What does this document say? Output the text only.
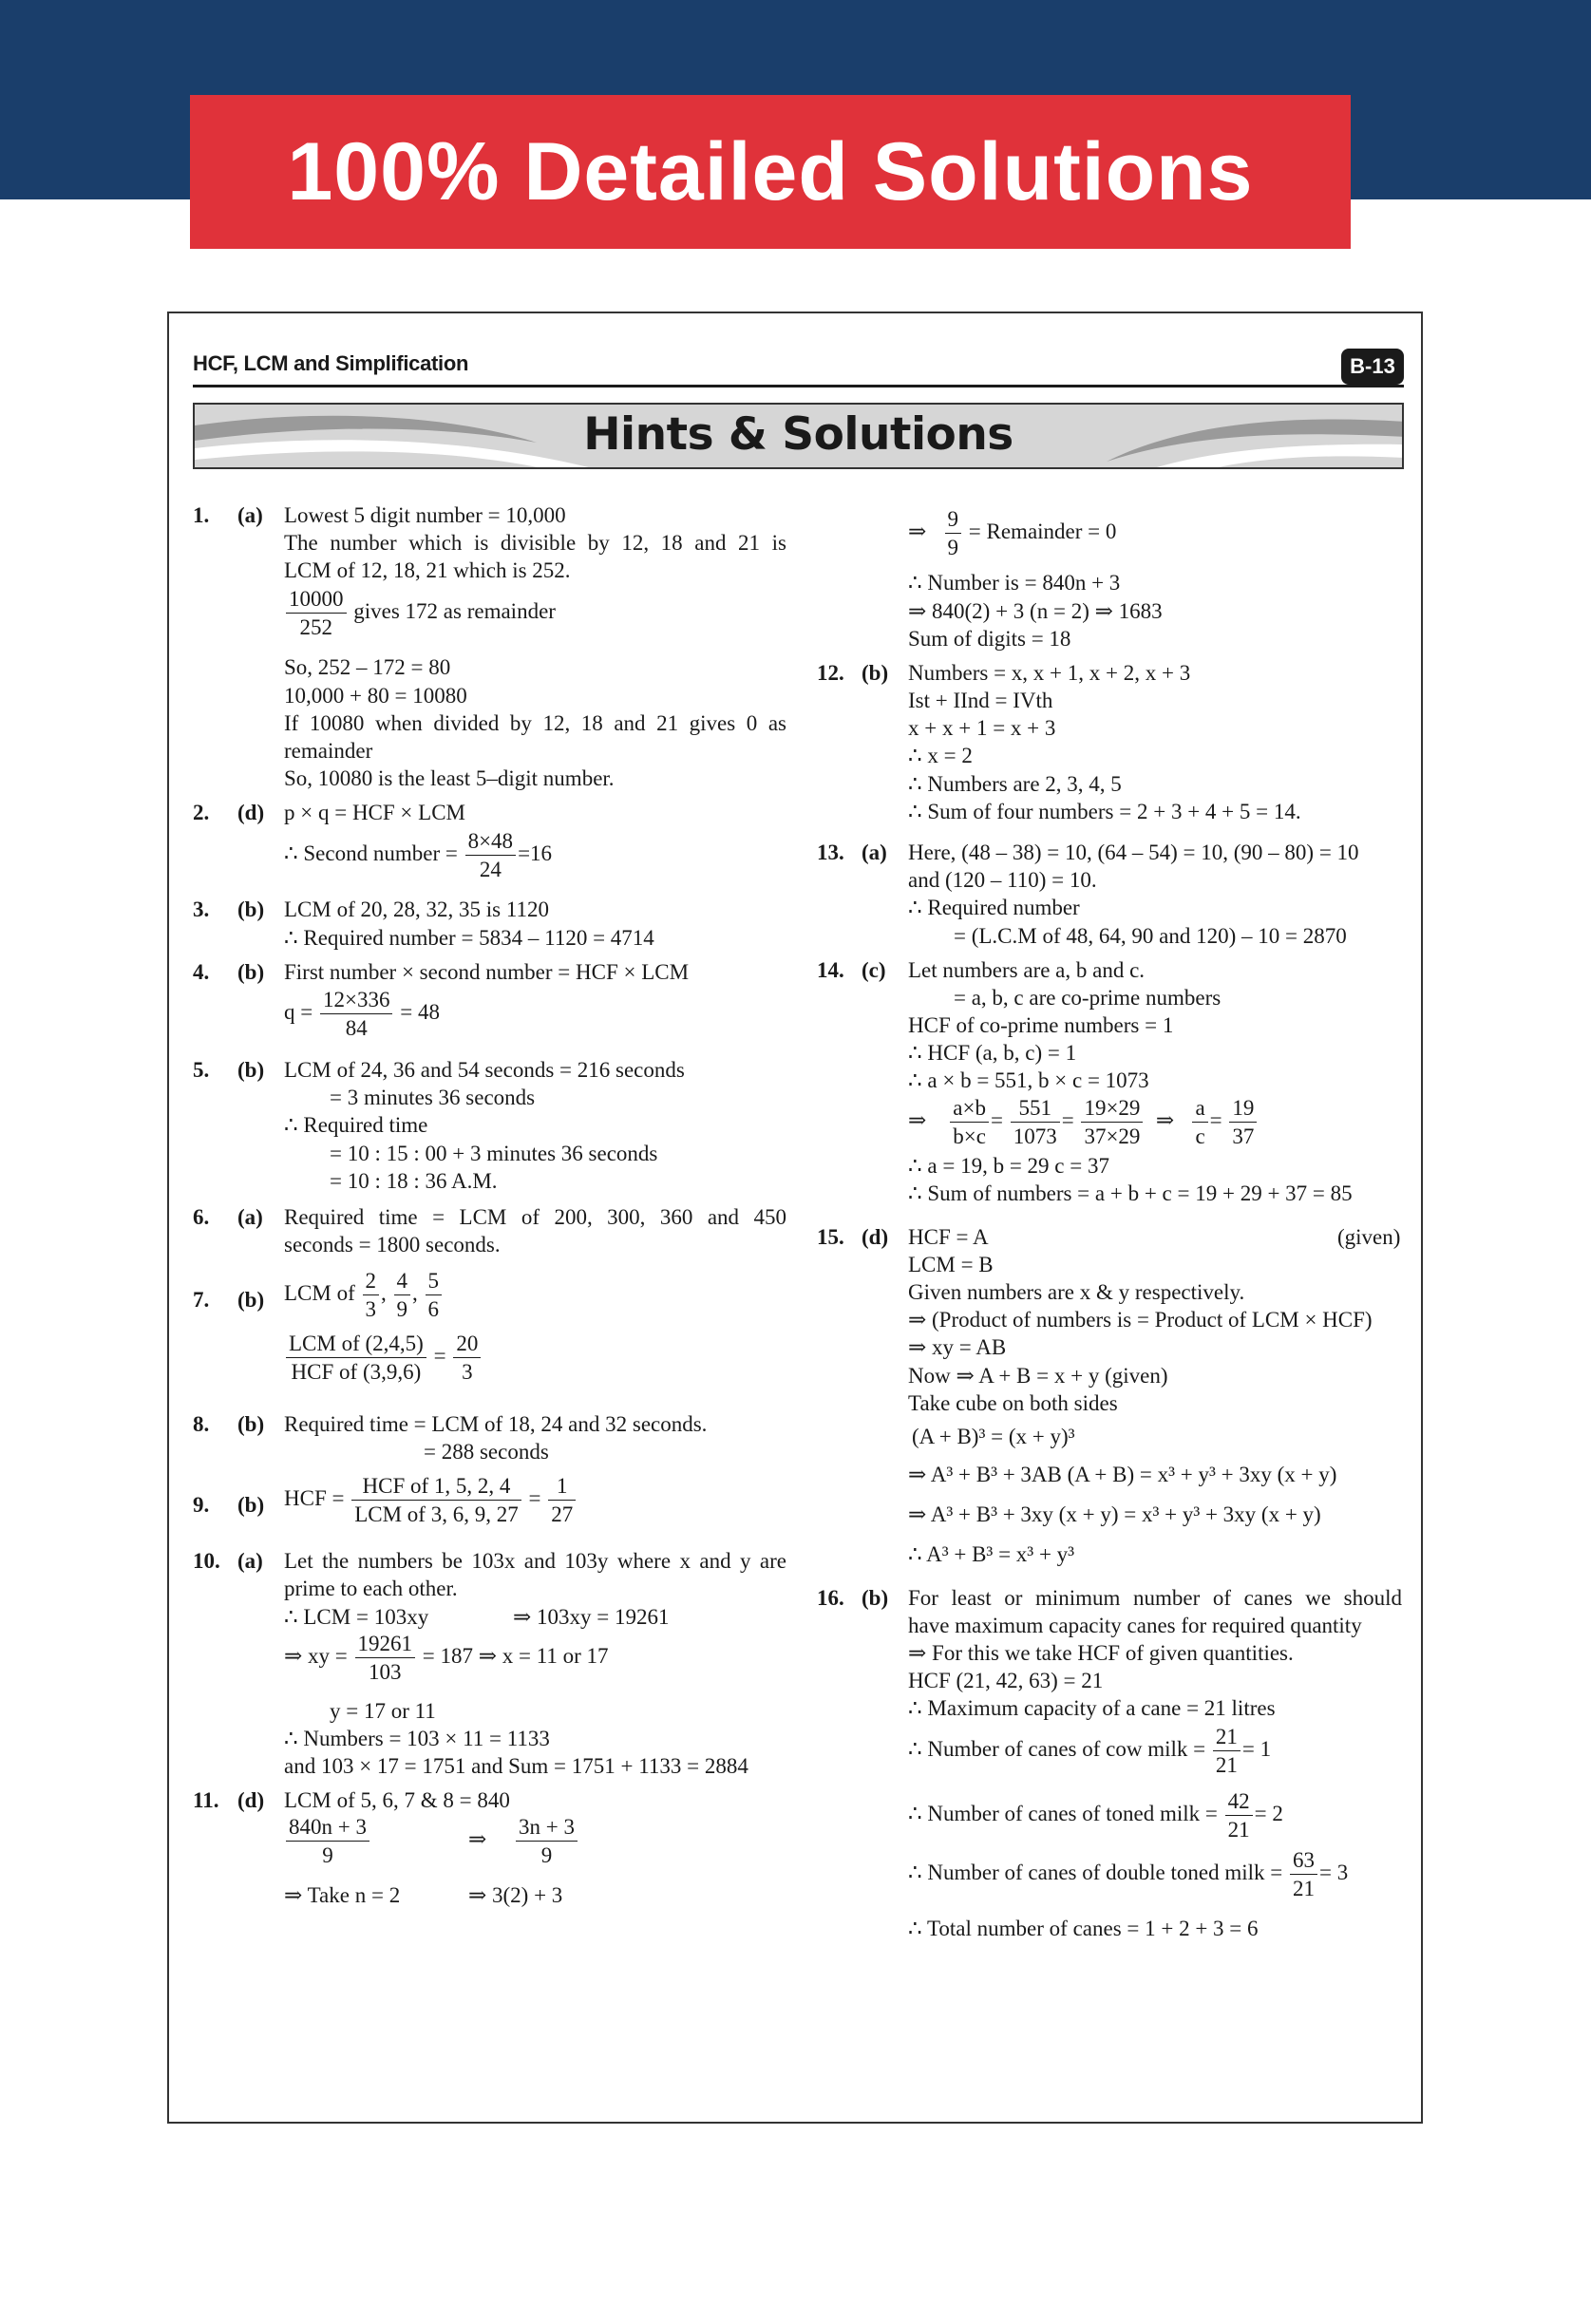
100% Detailed Solutions
HCF, LCM and Simplification	B-13
Hints & Solutions
1.	(a) Lowest 5 digit number = 10,000
The number which is divisible by 12, 18 and 21 is
LCM of 12, 18, 21 which is 252.
$\frac{10000}{252}$ gives 172 as remainder
So, 252 – 172 = 80
10,000 + 80 = 10080
If 10080 when divided by 12, 18 and 21 gives 0 as
remainder
So, 10080 is the least 5–digit number.
2.	(d) p × q = HCF × LCM
∴ Second number = $\frac{8\times 48}{24} =16$
3.	(b) LCM of 20, 28, 32, 35 is 1120
∴ Required number = 5834 – 1120 = 4714
4.	(b) First number × second number = HCF × LCM
$q = \frac{12\times 336}{84} = 48$
5.	(b) LCM of 24, 36 and 54 seconds = 216 seconds
= 3 minutes 36 seconds
∴ Required time
= 10 : 15 : 00 + 3 minutes 36 seconds
= 10 : 18 : 36 A.M.
6.	(a) Required time = LCM of 200, 300, 360 and 450
seconds = 1800 seconds.
7.	(b) LCM of $\frac{2}{3}$ , $\frac{4}{9}$ , $\frac{5}{6}$
$\frac{\text{LCM of (2,4,5)}}{\text{HCF of (3,9,6)}} = \frac{20}{3}$
8.	(b) Required time = LCM of 18, 24 and 32 seconds.
= 288 seconds
9.	(b) HCF = $\frac{\text{HCF of 1, 5, 2, 4}}{\text{LCM of 3, 6, 9, 27}} = \frac{1}{27}$
10. (a) Let the numbers be 103x and 103y where x and y are
prime to each other.
∴ LCM = 103xy	⇒ 103xy = 19261
⇒ xy = $\frac{19261}{103} = 187$ ⇒ x = 11 or 17
y = 17 or 11
∴ Numbers = 103 × 11 = 1133
and 103 × 17 = 1751 and Sum = 1751 + 1133 = 2884
11. (d) LCM of 5, 6, 7 & 8 = 840
$\frac{840n + 3}{9}$	⇒ $\frac{3n + 3}{9}$
⇒ Take n = 2	⇒ 3(2) + 3
⇒ $\frac{9}{9}$ = Remainder = 0
∴ Number is = 840n + 3
⇒ 840(2) + 3 (n = 2) ⇒ 1683
Sum of digits = 18
12. (b) Numbers = x, x + 1, x + 2, x + 3
Ist + IInd = IVth
x + x + 1 = x + 3
∴ x = 2
∴ Numbers are 2, 3, 4, 5
∴ Sum of four numbers = 2 + 3 + 4 + 5 = 14.
13. (a) Here, (48 – 38) = 10, (64 – 54) = 10, (90 – 80) = 10
and (120 – 110) = 10.
∴ Required number
= (L.C.M of 48, 64, 90 and 120) – 10 = 2870
14. (c) Let numbers are a, b and c.
= a, b, c are co-prime numbers
HCF of co-prime numbers = 1
∴ HCF (a, b, c) = 1
∴ a × b = 551, b × c = 1073
⇒ $\frac{a\times b}{b\times c} = \frac{551}{1073} = \frac{19\times 29}{37\times 29}$ ⇒ $\frac{a}{c} = \frac{19}{37}$
∴ a = 19, b = 29 c = 37
∴ Sum of numbers = a + b + c = 19 + 29 + 37 = 85
15. (d) HCF = A	(given)
LCM = B
Given numbers are x & y respectively.
⇒ (Product of numbers is = Product of LCM × HCF)
⇒ xy = AB
Now ⇒ A + B = x + y (given)
Take cube on both sides
(A + B)³ = (x + y)³
⇒ A³ + B³ + 3AB (A + B) = x³ + y³ + 3xy (x + y)
⇒ A³ + B³ + 3xy (x + y) = x³ + y³ + 3xy (x + y)
∴ A³ + B³ = x³ + y³
16. (b) For least or minimum number of canes we should
have maximum capacity canes for required quantity
⇒ For this we take HCF of given quantities.
HCF (21, 42, 63) = 21
∴ Maximum capacity of a cane = 21 litres
∴ Number of canes of cow milk = $\frac{21}{21} = 1$
∴ Number of canes of toned milk = $\frac{42}{21} = 2$
∴ Number of canes of double toned milk = $\frac{63}{21} = 3$
∴ Total number of canes = 1 + 2 + 3 = 6
